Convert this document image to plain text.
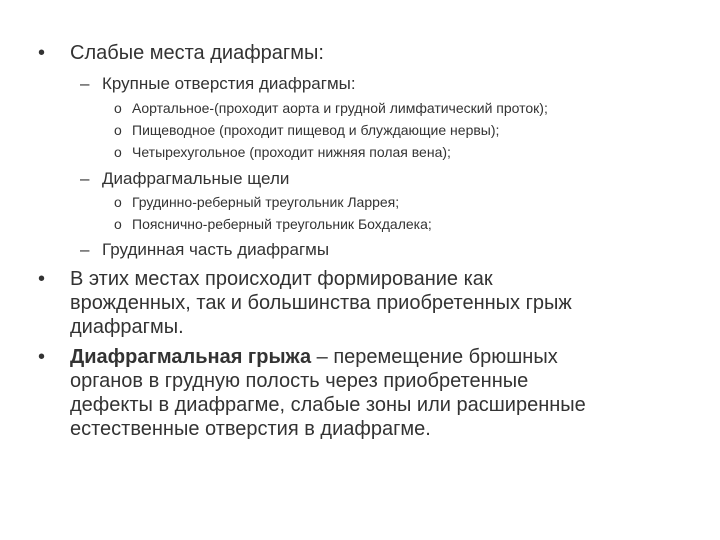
• Слабые места диафрагмы:
– Крупные отверстия диафрагмы:
o Аортальное-(проходит аорта и грудной лимфатический проток);
o Пищеводное (проходит пищевод и блуждающие нервы);
o Четырехугольное (проходит нижняя полая вена);
– Диафрагмальные щели
o Грудинно-реберный треугольник Ларрея;
o Пояснично-реберный треугольник Бохдалека;
– Грудинная часть диафрагмы
• В этих местах происходит формирование как
врожденных, так и большинства приобретенных грыж
диафрагмы.
• Диафрагмальная грыжа – перемещение брюшных
органов в грудную полость через приобретенные
дефекты в диафрагме, слабые зоны или расширенные
естественные отверстия в диафрагме.
